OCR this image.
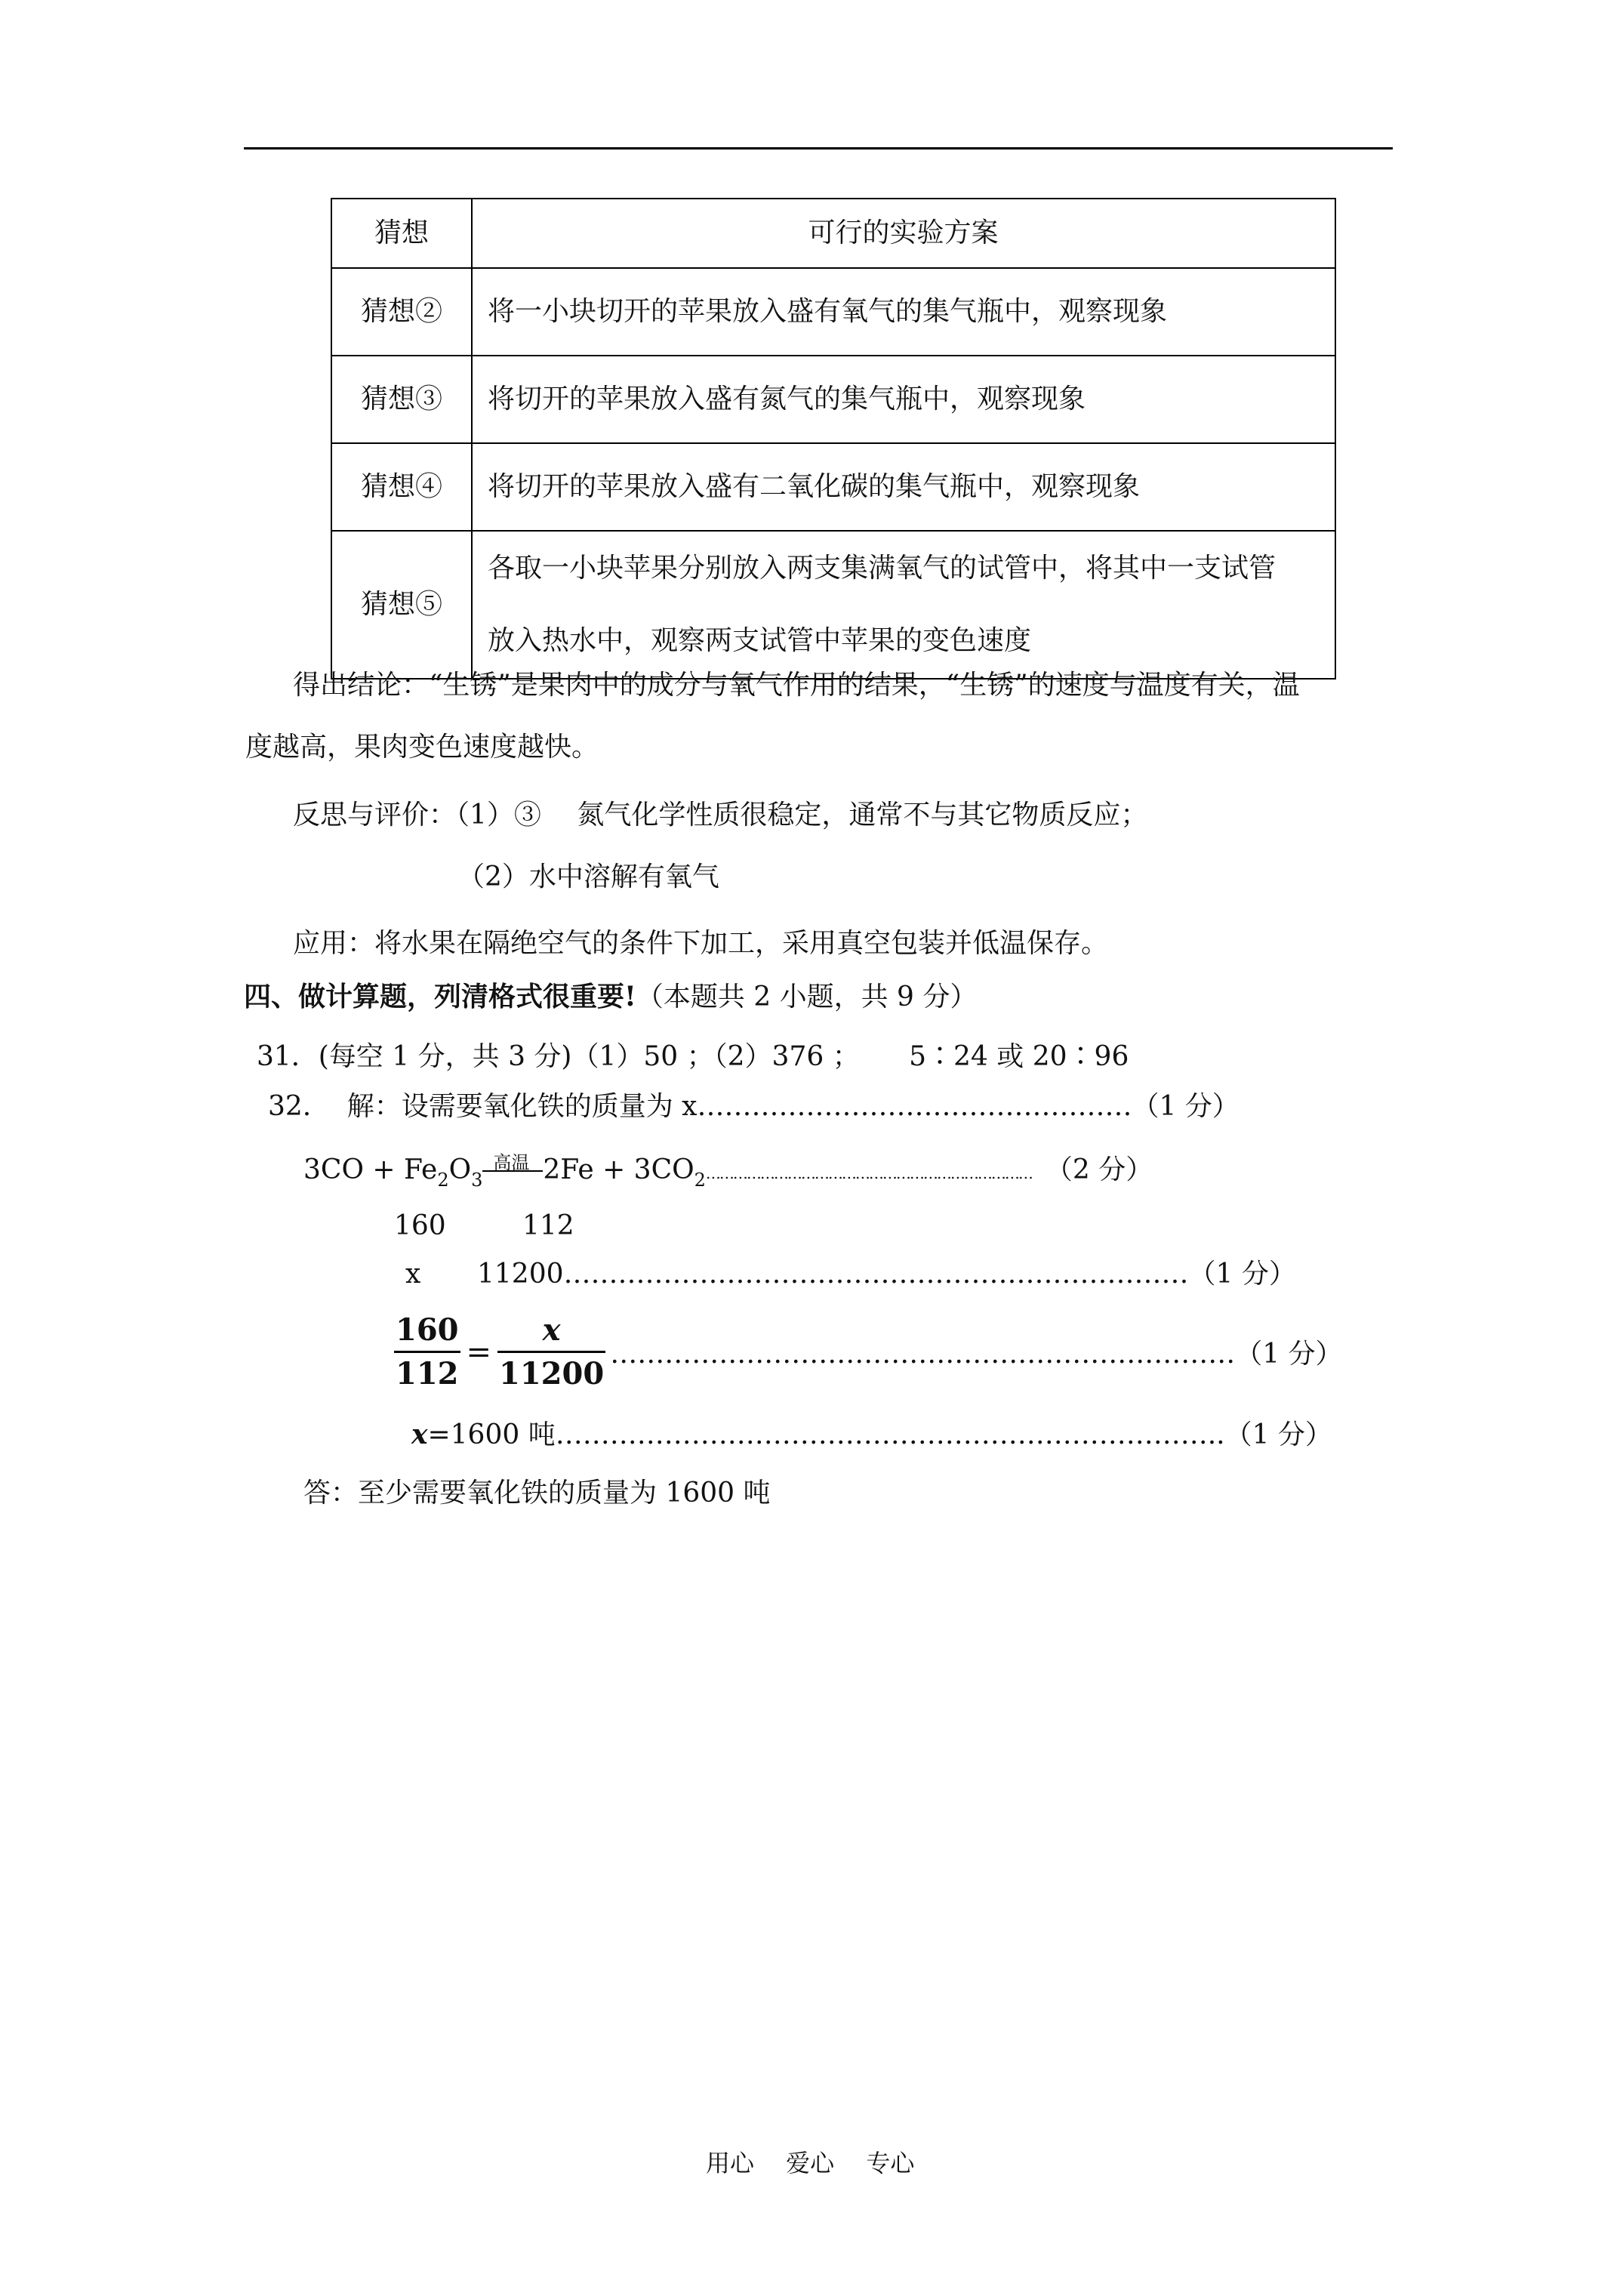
猜想	可行的实验方案
猜想②	将一小块切开的苹果放入盛有氧气的集气瓶中，观察现象
猜想③	将切开的苹果放入盛有氮气的集气瓶中，观察现象
猜想④	将切开的苹果放入盛有二氧化碳的集气瓶中，观察现象
猜想⑤	各取一小块苹果分别放入两支集满氧气的试管中，将其中一支试管
放入热水中，观察两支试管中苹果的变色速度
得出结论：“生锈”是果肉中的成分与氧气作用的结果，“生锈”的速度与温度有关，温
度越高，果肉变色速度越快。
反思与评价：（1）③　 氮气化学性质很稳定，通常不与其它物质反应；
（2）水中溶解有氧气
应用：将水果在隔绝空气的条件下加工，采用真空包装并低温保存。
四、做计算题，列清格式很重要!（本题共 2 小题，共 9 分）
31．(每空 1 分，共 3 分)（1）50 ；（2）376 ；　　 5∶24 或 20∶96
32.　 解：设需要氧化铁的质量为 x…………………………………………（1 分）
$3CO + Fe_2O_3$
高温 $2Fe + 3CO_2\dots\dots\dots\dots\dots\dots\dots\dots\dots\dots\dots\dots\dots\dots\dots\dots\dots\dots\dots\dots\dots\dots\dots\dots$ （2 分）
160	112
x 11200……………………………………………………………（1 分）
$\frac{160}{112} = \frac{x}{11200}$ ……………………………………………………………（1 分）
x=1600 吨………………………………………………………………..（1 分）
答：至少需要氧化铁的质量为 1600 吨
用心　 爱心　 专心
